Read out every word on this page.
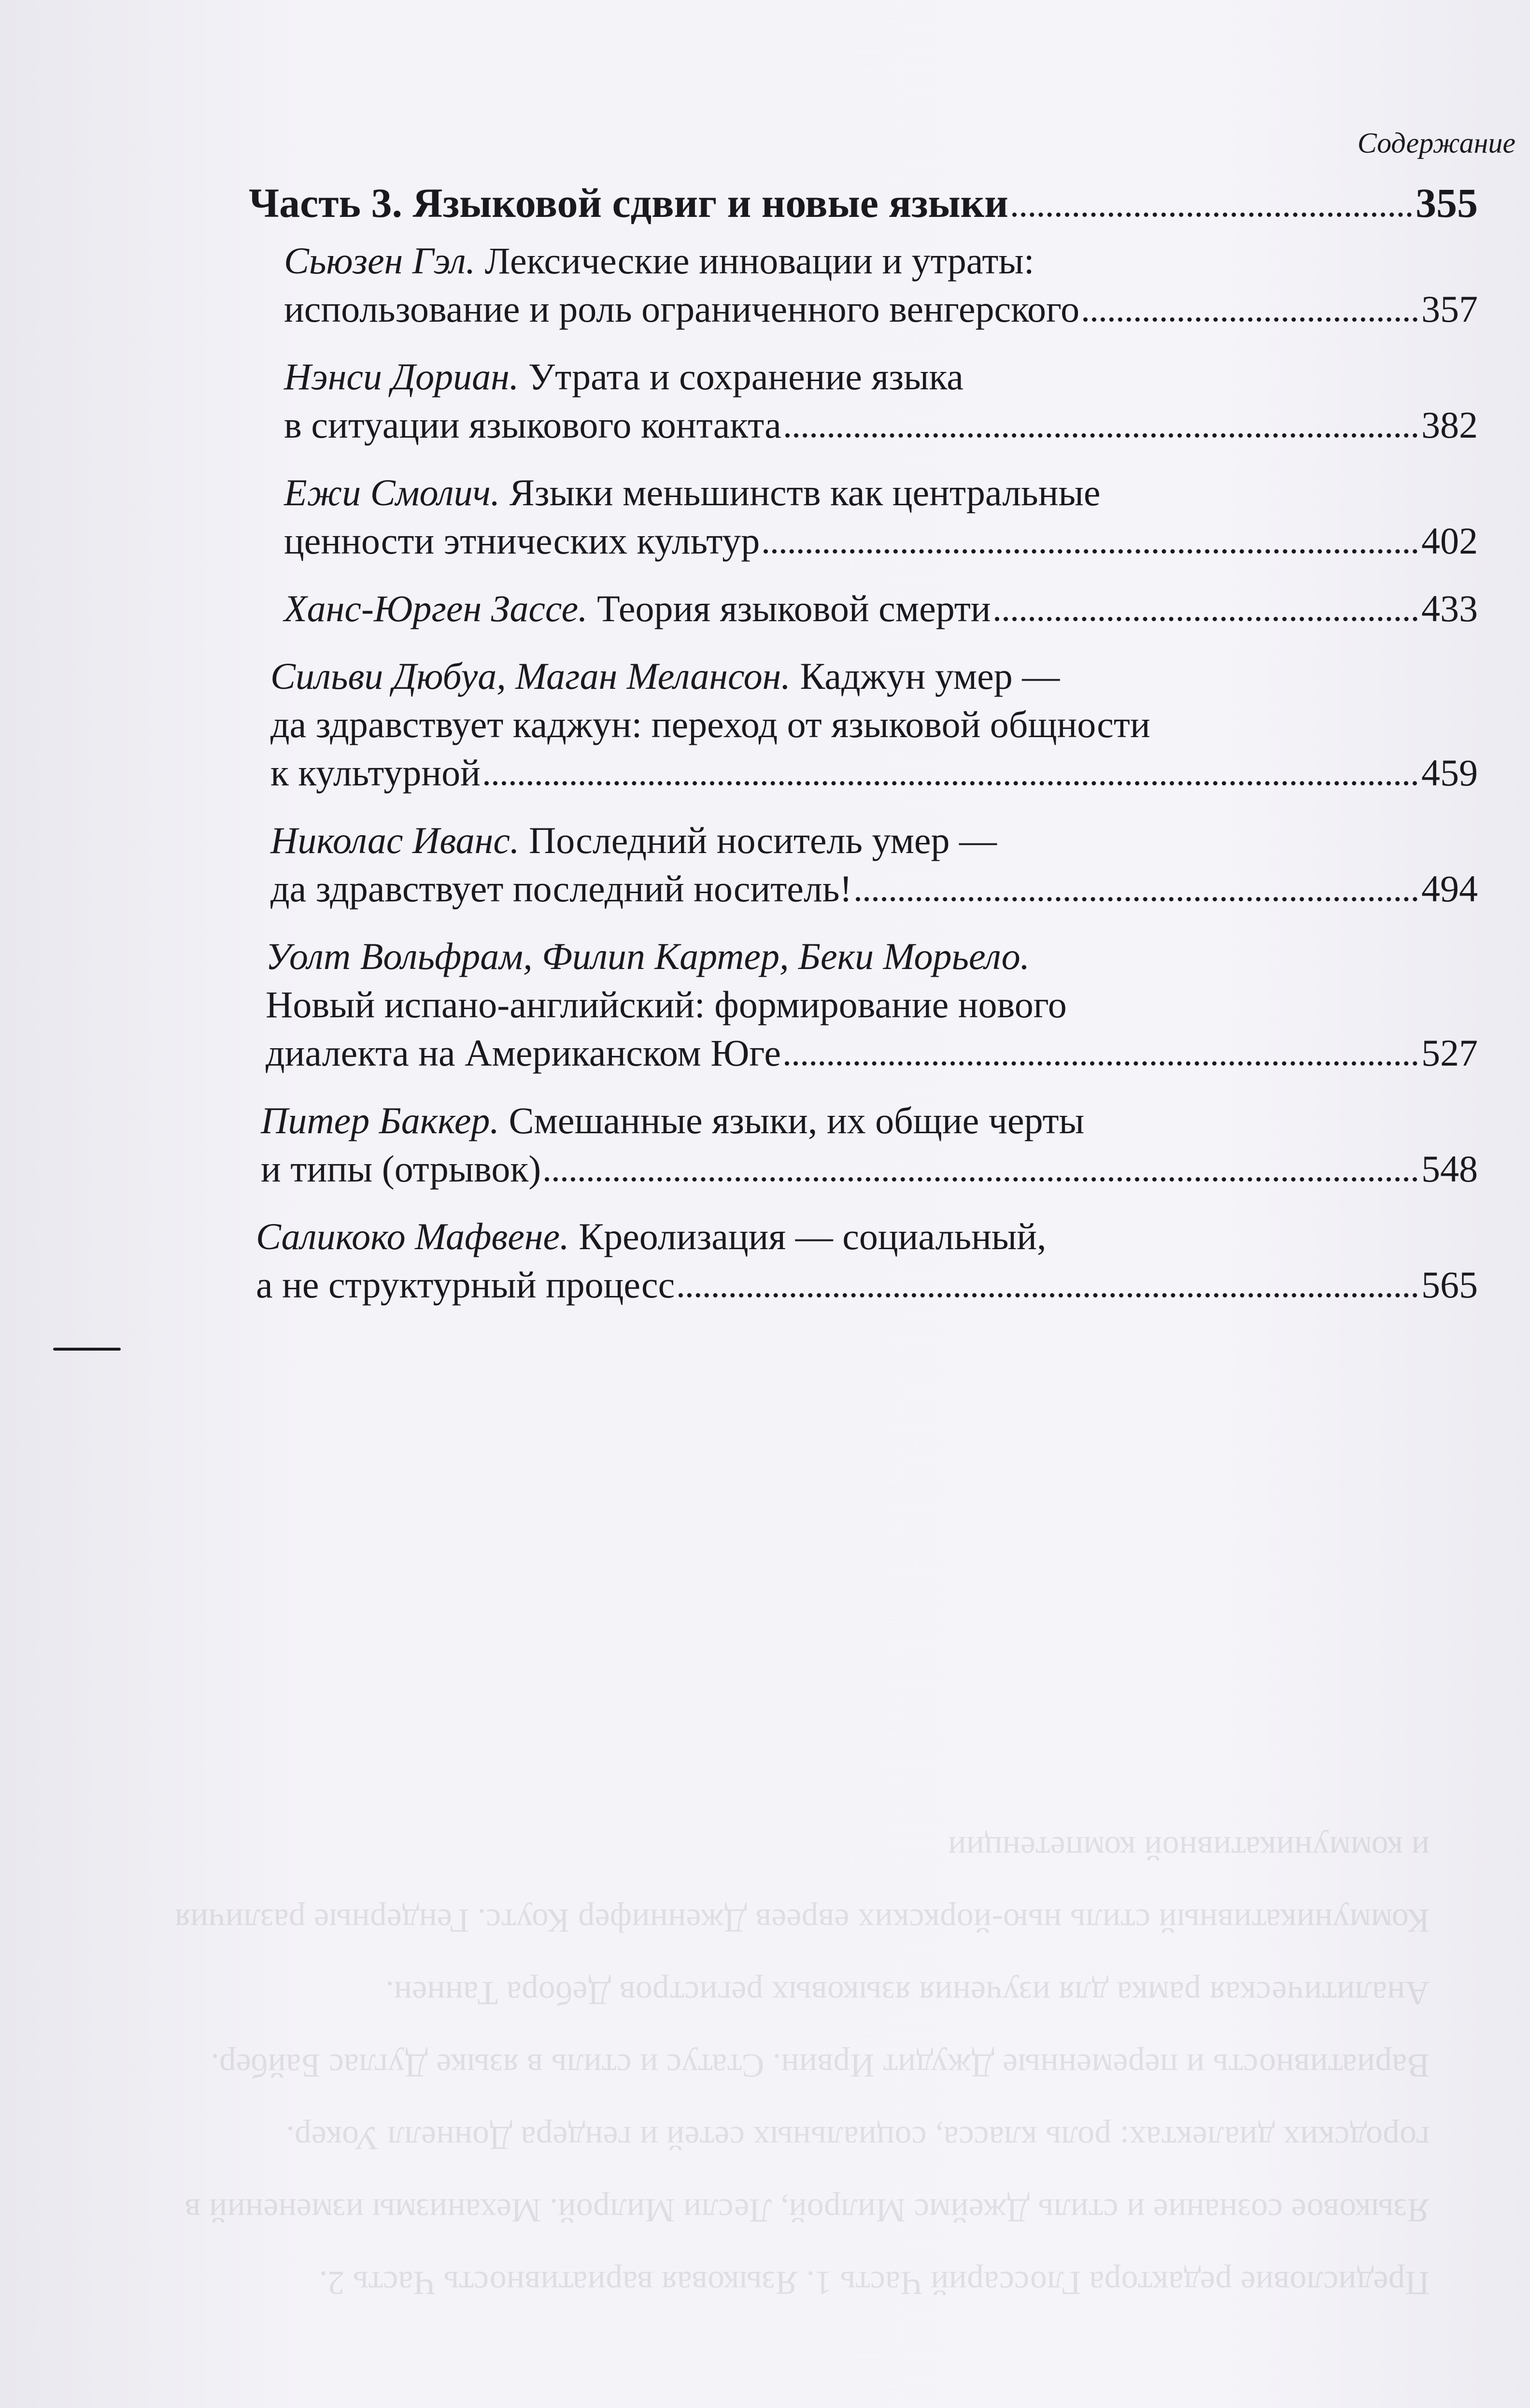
Предисловие редактора Глоссарий Часть 1. Языковая вариативность Часть 2. Языковое сознание и стиль Джеймс Милрой, Лесли Милрой. Механизмы изменений в городских диалектах: роль класса, социальных сетей и гендера Доннелл Уокер. Вариативность и переменные Джудит Ирвин. Статус и стиль в языке Дуглас Байбер. Аналитическая рамка для изучения языковых регистров Дебора Таннен. Коммуникативный стиль нью-йоркских евреев Дженнифер Коутс. Гендерные различия и коммуникативной компетенции
Содержание
Часть 3. Языковой сдвиг и новые языки	355
Сьюзен Гэл. Лексические инновации и утраты:
использование и роль ограниченного венгерского	357
Нэнси Дориан. Утрата и сохранение языка
в ситуации языкового контакта	382
Ежи Смолич. Языки меньшинств как центральные
ценности этнических культур	402
Ханс-Юрген Зассе.
Теория языковой смерти	433
Сильви Дюбуа, Маган Мелансон. Каджун умер —
да здравствует каджун: переход от языковой общности
к культурной	459
Николас Иванс. Последний носитель умер —
да здравствует последний носитель!	494
Уолт Вольфрам, Филип Картер, Беки Морьело.
Новый испано-английский: формирование нового
диалекта на Американском Юге	527
Питер Баккер. Смешанные языки, их общие черты
и типы (отрывок)	548
Саликоко Мафвене. Креолизация — социальный,
а не структурный процесс	565
